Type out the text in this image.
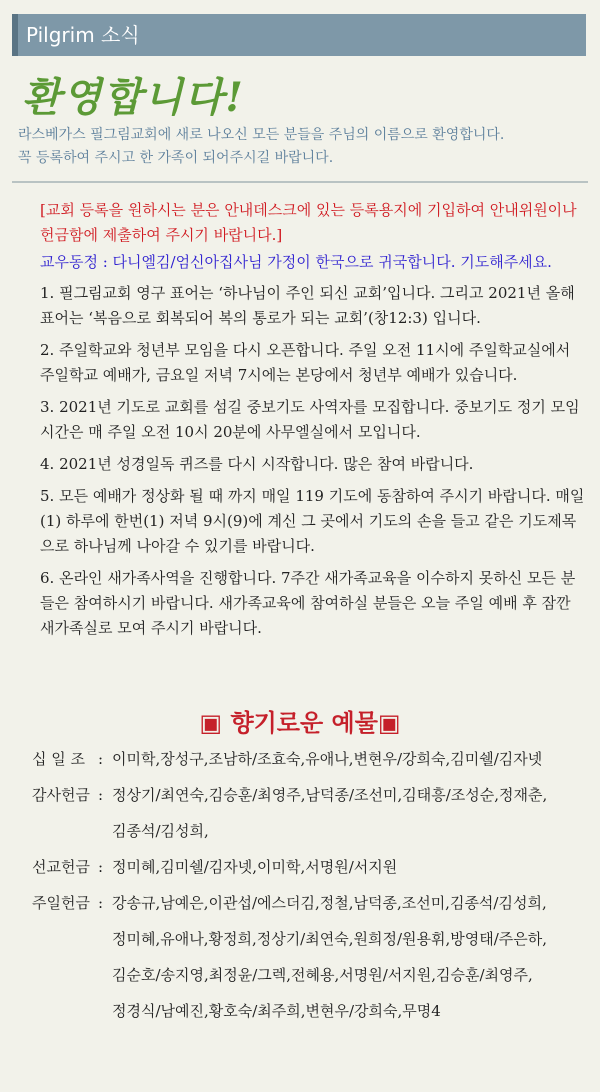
Pilgrim 소식
환영합니다!
라스베가스 필그림교회에 새로 나오신 모든 분들을 주님의 이름으로 환영합니다.
꼭 등록하여 주시고 한 가족이 되어주시길 바랍니다.
[교회 등록을 원하시는 분은 안내데스크에 있는 등록용지에 기입하여 안내위원이나 헌금함에 제출하여 주시기 바랍니다.]
교우동정 : 다니엘김/엄신아집사님 가정이 한국으로 귀국합니다. 기도해주세요.
1. 필그림교회 영구 표어는 ‘하나님이 주인 되신 교회’입니다. 그리고 2021년 올해 표어는 ‘복음으로 회복되어 복의 통로가 되는 교회’(창12:3) 입니다.
2. 주일학교와 청년부 모임을 다시 오픈합니다. 주일 오전 11시에 주일학교실에서 주일학교 예배가, 금요일 저녁 7시에는 본당에서 청년부 예배가 있습니다.
3. 2021년 기도로 교회를 섬길 중보기도 사역자를 모집합니다. 중보기도 정기 모임 시간은 매 주일 오전 10시 20분에 사무엘실에서 모입니다.
4. 2021년 성경일독 퀴즈를 다시 시작합니다. 많은 참여 바랍니다.
5. 모든 예배가 정상화 될 때 까지 매일 119 기도에 동참하여 주시기 바랍니다. 매일(1) 하루에 한번(1) 저녁 9시(9)에 계신 그 곳에서 기도의 손을 들고 같은 기도제목으로 하나님께 나아갈 수 있기를 바랍니다.
6. 온라인 새가족사역을 진행합니다. 7주간 새가족교육을 이수하지 못하신 모든 분들은 참여하시기 바랍니다. 새가족교육에 참여하실 분들은 오늘 주일 예배 후 잠깐 새가족실로 모여 주시기 바랍니다.
▣ 향기로운 예물▣
십 일 조 : 이미학,장성구,조남하/조효숙,유애나,변현우/강희숙,김미쉘/김자넷
감사헌금 : 정상기/최연숙,김승훈/최영주,남덕종/조선미,김태흥/조성순,정재춘,
김종석/김성희,
선교헌금 : 정미혜,김미쉘/김자넷,이미학,서명원/서지원
주일헌금 : 강송규,남예은,이관섭/에스더김,정철,남덕종,조선미,김종석/김성희,
정미혜,유애나,황정희,정상기/최연숙,원희정/원용휘,방영태/주은하,
김순호/송지영,최정윤/그렉,전혜용,서명원/서지원,김승훈/최영주,
정경식/남예진,황호숙/최주희,변현우/강희숙,무명4
